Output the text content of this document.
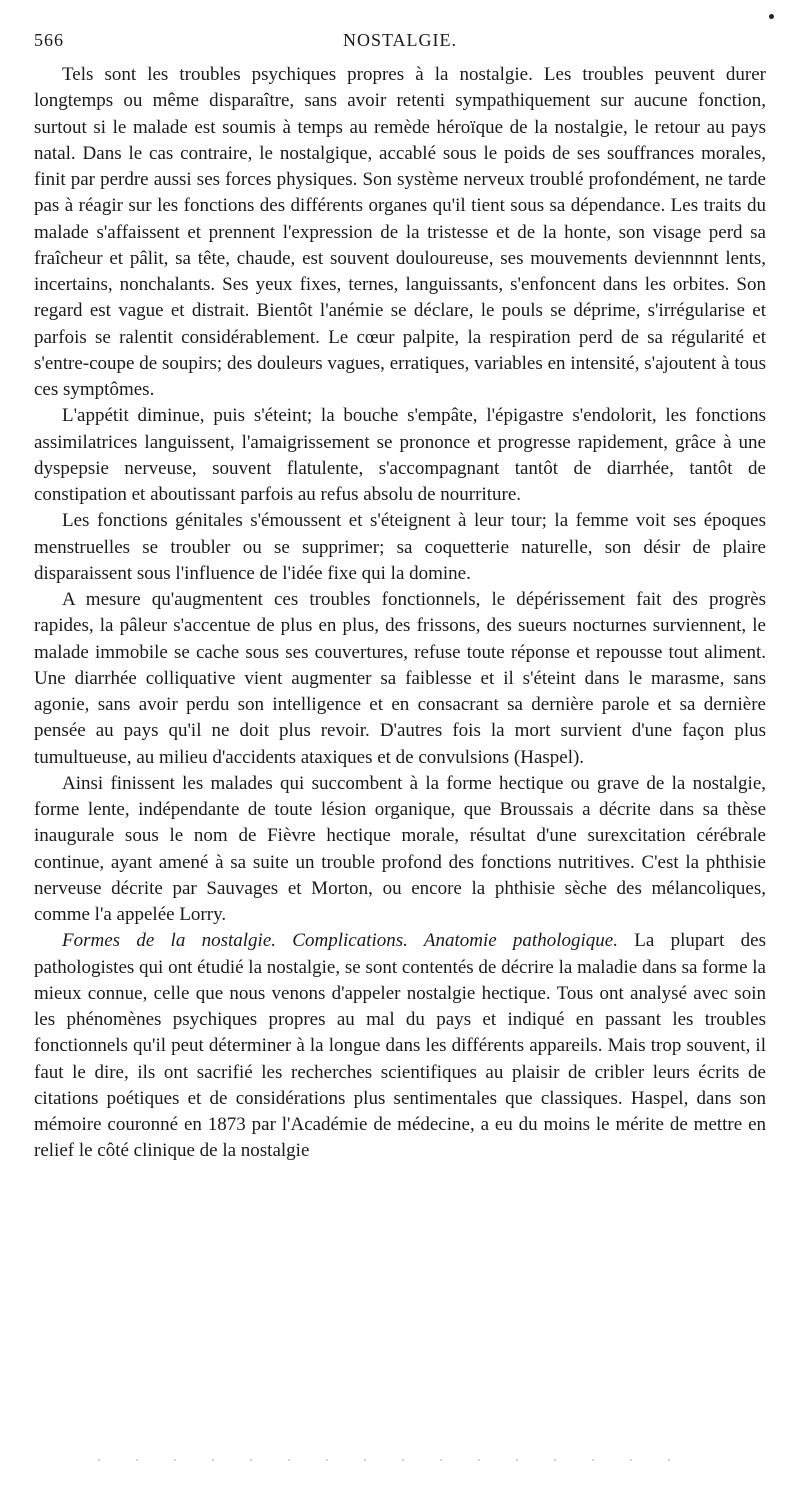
566	NOSTALGIE.

Tels sont les troubles psychiques propres à la nostalgie. Les troubles peuvent durer longtemps ou même disparaître, sans avoir retenti sympathiquement sur aucune fonction, surtout si le malade est soumis à temps au remède héroïque de la nostalgie, le retour au pays natal. Dans le cas contraire, le nostalgique, accablé sous le poids de ses souffrances morales, finit par perdre aussi ses forces physiques. Son système nerveux troublé profondément, ne tarde pas à réagir sur les fonctions des différents organes qu'il tient sous sa dépendance. Les traits du malade s'affaissent et prennent l'expression de la tristesse et de la honte, son visage perd sa fraîcheur et pâlit, sa tête, chaude, est souvent douloureuse, ses mouvements deviennnnt lents, incertains, nonchalants. Ses yeux fixes, ternes, languissants, s'enfoncent dans les orbites. Son regard est vague et distrait. Bientôt l'anémie se déclare, le pouls se déprime, s'irrégularise et parfois se ralentit considérablement. Le cœur palpite, la respiration perd de sa régularité et s'entre-coupe de soupirs; des douleurs vagues, erratiques, variables en intensité, s'ajoutent à tous ces symptômes.

L'appétit diminue, puis s'éteint; la bouche s'empâte, l'épigastre s'endolorit, les fonctions assimilatrices languissent, l'amaigrissement se prononce et progresse rapidement, grâce à une dyspepsie nerveuse, souvent flatulente, s'accompagnant tantôt de diarrhée, tantôt de constipation et aboutissant parfois au refus absolu de nourriture.

Les fonctions génitales s'émoussent et s'éteignent à leur tour; la femme voit ses époques menstruelles se troubler ou se supprimer; sa coquetterie naturelle, son désir de plaire disparaissent sous l'influence de l'idée fixe qui la domine.

A mesure qu'augmentent ces troubles fonctionnels, le dépérissement fait des progrès rapides, la pâleur s'accentue de plus en plus, des frissons, des sueurs nocturnes surviennent, le malade immobile se cache sous ses couvertures, refuse toute réponse et repousse tout aliment. Une diarrhée colliquative vient augmenter sa faiblesse et il s'éteint dans le marasme, sans agonie, sans avoir perdu son intelligence et en consacrant sa dernière parole et sa dernière pensée au pays qu'il ne doit plus revoir. D'autres fois la mort survient d'une façon plus tumultueuse, au milieu d'accidents ataxiques et de convulsions (Haspel).

Ainsi finissent les malades qui succombent à la forme hectique ou grave de la nostalgie, forme lente, indépendante de toute lésion organique, que Broussais a décrite dans sa thèse inaugurale sous le nom de Fièvre hectique morale, résultat d'une surexcitation cérébrale continue, ayant amené à sa suite un trouble profond des fonctions nutritives. C'est la phthisie nerveuse décrite par Sauvages et Morton, ou encore la phthisie sèche des mélancoliques, comme l'a appelée Lorry.

Formes de la nostalgie. Complications. Anatomie pathologique. La plupart des pathologistes qui ont étudié la nostalgie, se sont contentés de décrire la maladie dans sa forme la mieux connue, celle que nous venons d'appeler nostalgie hectique. Tous ont analysé avec soin les phénomènes psychiques propres au mal du pays et indiqué en passant les troubles fonctionnels qu'il peut déterminer à la longue dans les différents appareils. Mais trop souvent, il faut le dire, ils ont sacrifié les recherches scientifiques au plaisir de cribler leurs écrits de citations poétiques et de considérations plus sentimentales que classiques. Haspel, dans son mémoire couronné en 1873 par l'Académie de médecine, a eu du moins le mérite de mettre en relief le côté clinique de la nostalgie
